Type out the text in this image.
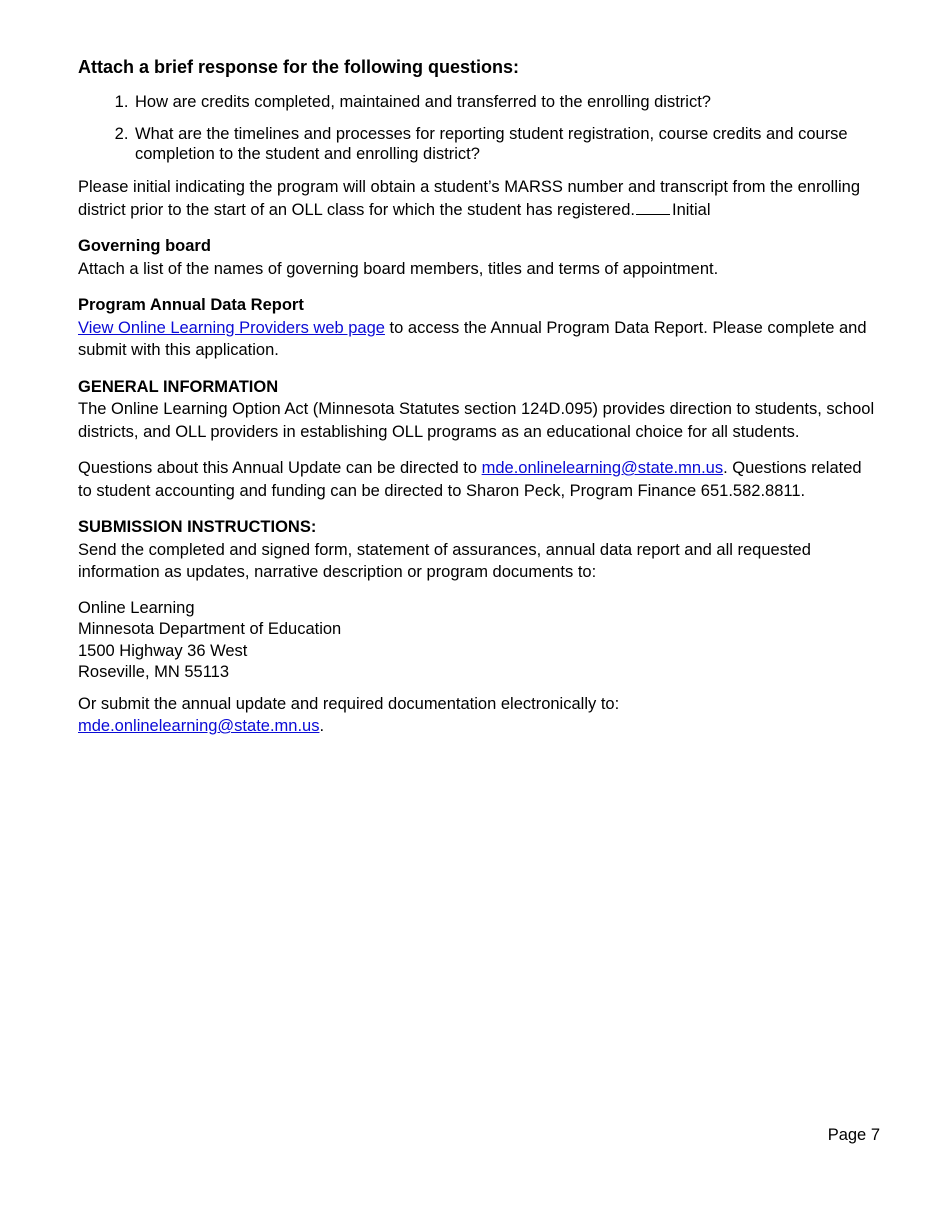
Attach a brief response for the following questions:
1. How are credits completed, maintained and transferred to the enrolling district?
2. What are the timelines and processes for reporting student registration, course credits and course completion to the student and enrolling district?

Please initial indicating the program will obtain a student’s MARSS number and transcript from the enrolling district prior to the start of an OLL class for which the student has registered. Initial

Governing board

Attach a list of the names of governing board members, titles and terms of appointment.

Program Annual Data Report

View Online Learning Providers web page to access the Annual Program Data Report. Please complete and submit with this application.

GENERAL INFORMATION

The Online Learning Option Act (Minnesota Statutes section 124D.095) provides direction to students, school districts, and OLL providers in establishing OLL programs as an educational choice for all students.

Questions about this Annual Update can be directed to mde.onlinelearning@state.mn.us. Questions related to student accounting and funding can be directed to Sharon Peck, Program Finance 651.582.8811.

SUBMISSION INSTRUCTIONS:

Send the completed and signed form, statement of assurances, annual data report and all requested information as updates, narrative description or program documents to:

Online Learning
Minnesota Department of Education
1500 Highway 36 West
Roseville, MN 55113

Or submit the annual update and required documentation electronically to:

mde.onlinelearning@state.mn.us.

Page 7
